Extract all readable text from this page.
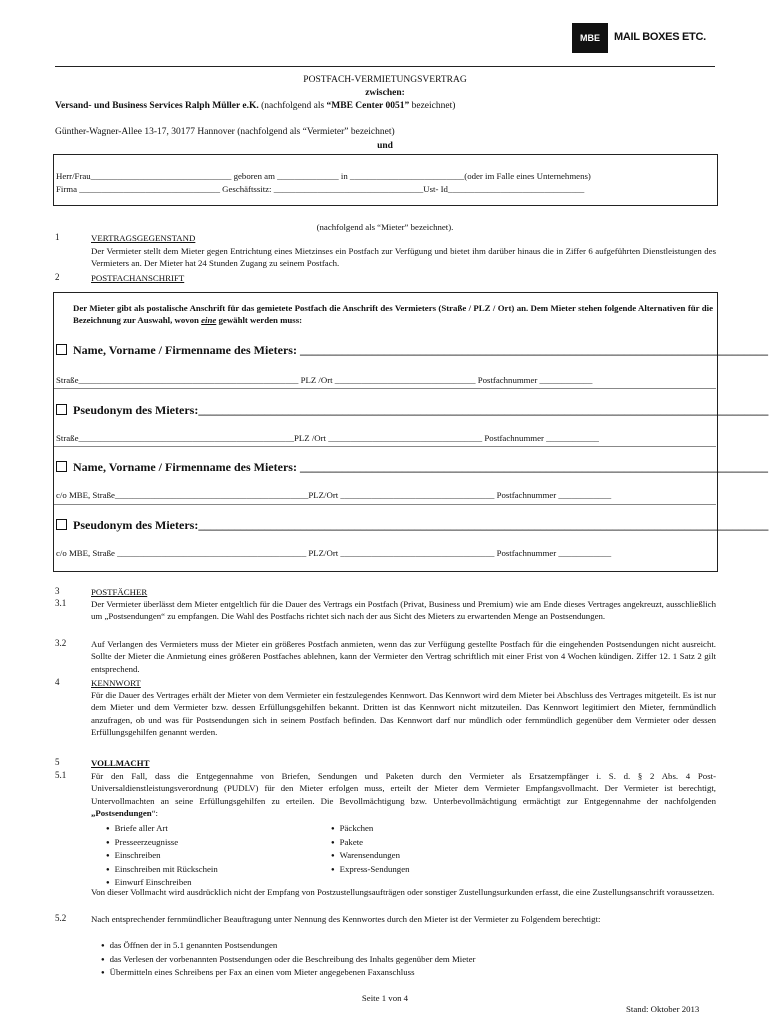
MBE	MAIL BOXES ETC.
POSTFACH-VERMIETUNGSVERTRAG
zwischen:
Versand- und Business Services Ralph Müller e.K. (nachfolgend als “MBE Center 0051” bezeichnet)
Günther-Wagner-Allee 13-17, 30177 Hannover (nachfolgend als “Vermieter” bezeichnet)
und
Herr/Frau________________________________ geboren am ______________ in __________________________(oder im Falle eines Unternehmens)
Firma ________________________________ Geschäftssitz: __________________________________Ust- Id_______________________________
(nachfolgend als “Mieter” bezeichnet).
1	VERTRAGSGEGENSTAND
Der Vermieter stellt dem Mieter gegen Entrichtung eines Mietzinses ein Postfach zur Verfügung und bietet ihm darüber hinaus die in Ziffer 6 aufgeführten Dienstleistungen des Vermieters an. Der Mieter hat 24 Stunden Zugang zu seinem Postfach.
2	POSTFACHANSCHRIFT
Der Mieter gibt als postalische Anschrift für das gemietete Postfach die Anschrift des Vermieters (Straße / PLZ / Ort) an. Dem Mieter stehen folgende Alternativen für die Bezeichnung zur Auswahl, wovon eine gewählt werden muss:
Name, Vorname / Firmenname des Mieters: ______________________________________________________________________________
Straße__________________________________________________ PLZ /Ort ________________________________ Postfachnummer ____________
Pseudonym des Mieters:_______________________________________________________________________________________________
Straße_________________________________________________PLZ /Ort ___________________________________ Postfachnummer ____________
Name, Vorname / Firmenname des Mieters: ______________________________________________________________________________
c/o MBE, Straße____________________________________________PLZ/Ort ___________________________________ Postfachnummer ____________
Pseudonym des Mieters:_______________________________________________________________________________________________
c/o MBE, Straße ___________________________________________ PLZ/Ort ___________________________________ Postfachnummer ____________
3	POSTFÄCHER
3.1	Der Vermieter überlässt dem Mieter entgeltlich für die Dauer des Vertrags ein Postfach (Privat, Business und Premium) wie am Ende dieses Vertrages angekreuzt, ausschließlich um „Postsendungen“ zu empfangen. Die Wahl des Postfachs richtet sich nach der aus Sicht des Mieters zu erwartenden Menge an Postsendungen.
3.2	Auf Verlangen des Vermieters muss der Mieter ein größeres Postfach anmieten, wenn das zur Verfügung gestellte Postfach für die eingehenden Postsendungen nicht ausreicht. Sollte der Mieter die Anmietung eines größeren Postfaches ablehnen, kann der Vermieter den Vertrag schriftlich mit einer Frist von 4 Wochen kündigen. Ziffer 12. 1 Satz 2 gilt entsprechend.
4	KENNWORT
Für die Dauer des Vertrages erhält der Mieter von dem Vermieter ein festzulegendes Kennwort. Das Kennwort wird dem Mieter bei Abschluss des Vertrages mitgeteilt. Es ist nur dem Mieter und dem Vermieter bzw. dessen Erfüllungsgehilfen bekannt. Dritten ist das Kennwort nicht mitzuteilen. Das Kennwort legitimiert den Mieter, fernmündlich anzufragen, ob und was für Postsendungen sich in seinem Postfach befinden. Das Kennwort darf nur mündlich oder fernmündlich gegenüber dem Vermieter oder dessen Erfüllungsgehilfen genannt werden.
5	VOLLMACHT
5.1	Für den Fall, dass die Entgegennahme von Briefen, Sendungen und Paketen durch den Vermieter als Ersatzempfänger i. S. d. § 2 Abs. 4 Post-Universaldienstleistungsverordnung (PUDLV) für den Mieter erfolgen muss, erteilt der Mieter dem Vermieter Empfangsvollmacht. Der Vermieter ist berechtigt, Untervollmachten an seine Erfüllungsgehilfen zu erteilen. Die Bevollmächtigung bzw. Unterbevollmächtigung ermächtigt zur Entgegennahme der nachfolgenden „Postsendungen“:
● Briefe aller Art
● Presseerzeugnisse
● Einschreiben
● Einschreiben mit Rückschein
● Einwurf Einschreiben
● Päckchen
● Pakete
● Warensendungen
● Express-Sendungen
Von dieser Vollmacht wird ausdrücklich nicht der Empfang von Postzustellungsaufträgen oder sonstiger Zustellungsurkunden erfasst, die eine Zustellungsanschrift voraussetzen.
5.2	Nach entsprechender fernmündlicher Beauftragung unter Nennung des Kennwortes durch den Mieter ist der Vermieter zu Folgendem berechtigt:
● das Öffnen der in 5.1 genannten Postsendungen
● das Verlesen der vorbenannten Postsendungen oder die Beschreibung des Inhalts gegenüber dem Mieter
● Übermitteln eines Schreibens per Fax an einen vom Mieter angegebenen Faxanschluss
Seite 1 von 4
Stand: Oktober 2013
